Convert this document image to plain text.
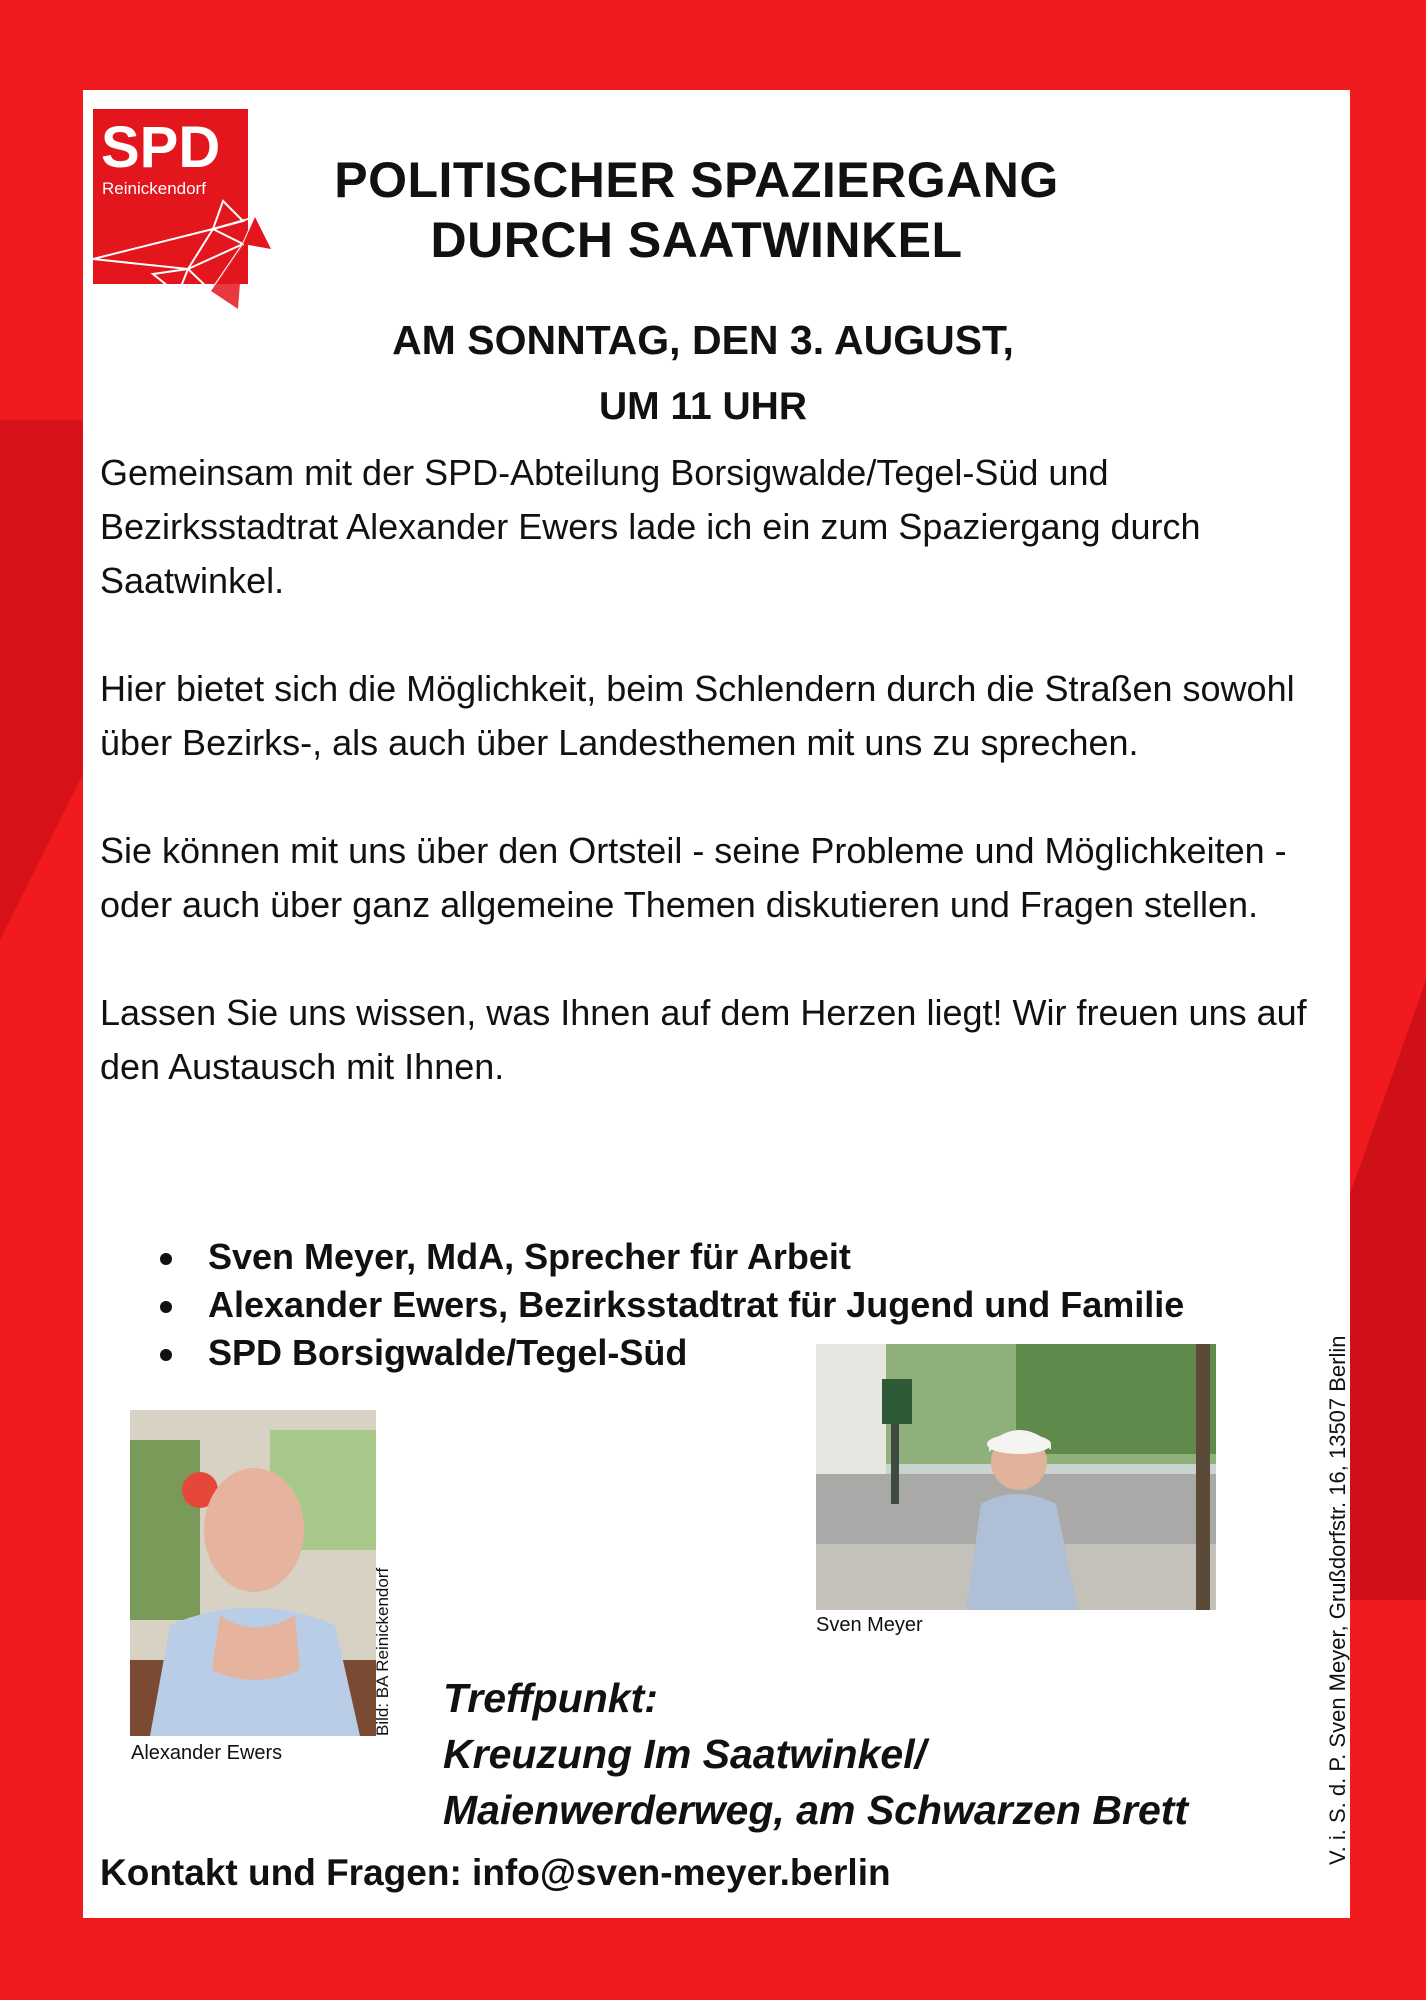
SPD
Reinickendorf	POLITISCHER SPAZIERGANG
DURCH SAATWINKEL
AM SONNTAG, DEN 3. AUGUST,
UM 11 UHR

Gemeinsam mit der SPD-Abteilung Borsigwalde/Tegel-Süd und Bezirksstadtrat Alexander Ewers lade ich ein zum Spaziergang durch Saatwinkel.

Hier bietet sich die Möglichkeit, beim Schlendern durch die Straßen sowohl über Bezirks-, als auch über Landesthemen mit uns zu sprechen.

Sie können mit uns über den Ortsteil - seine Probleme und Möglichkeiten - oder auch über ganz allgemeine Themen diskutieren und Fragen stellen.

Lassen Sie uns wissen, was Ihnen auf dem Herzen liegt! Wir freuen uns auf den Austausch mit Ihnen.

Sven Meyer, MdA, Sprecher für Arbeit
Alexander Ewers, Bezirksstadtrat für Jugend und Familie
SPD Borsigwalde/Tegel-Süd
Sven Meyer
Alexander Ewers
Bild: BA Reinickendorf Treffpunkt:
Kreuzung Im Saatwinkel/
Maienwerderweg, am Schwarzen Brett
Kontakt und Fragen: info@sven-meyer.berlin
V. i. S. d. P. Sven Meyer, Grußdorfstr. 16, 13507 Berlin
